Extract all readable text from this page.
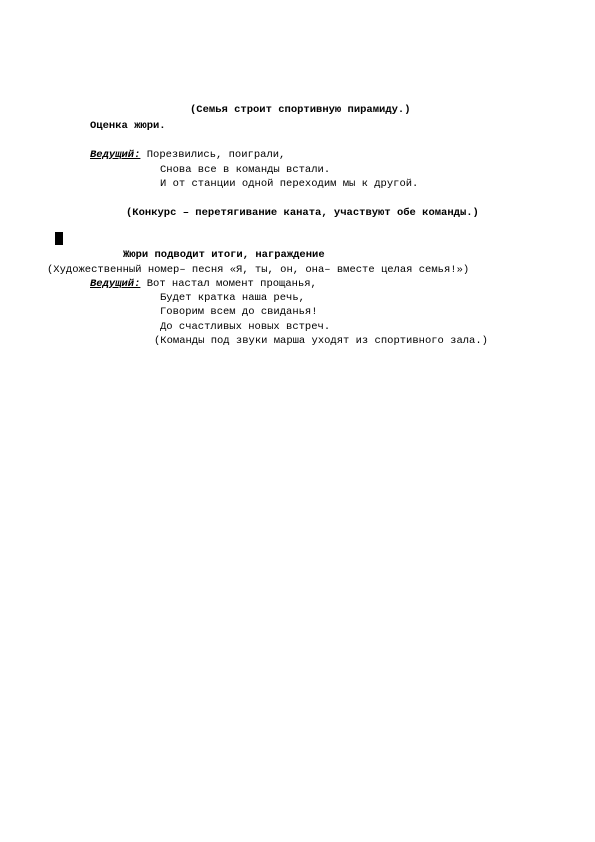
(Семья строит спортивную пирамиду.)
Оценка жюри.
Ведущий: Порезвились, поиграли,
Снова все в команды встали.
И от станции одной переходим мы к другой.
(Конкурс – перетягивание каната, участвуют обе команды.)
Жюри подводит итоги, награждение
(Художественный номер– песня «Я, ты, он, она– вместе целая семья!»)
Ведущий: Вот настал момент прощанья,
Будет кратка наша речь,
Говорим всем до свиданья!
До счастливых новых встреч.
(Команды под звуки марша уходят из спортивного зала.)
